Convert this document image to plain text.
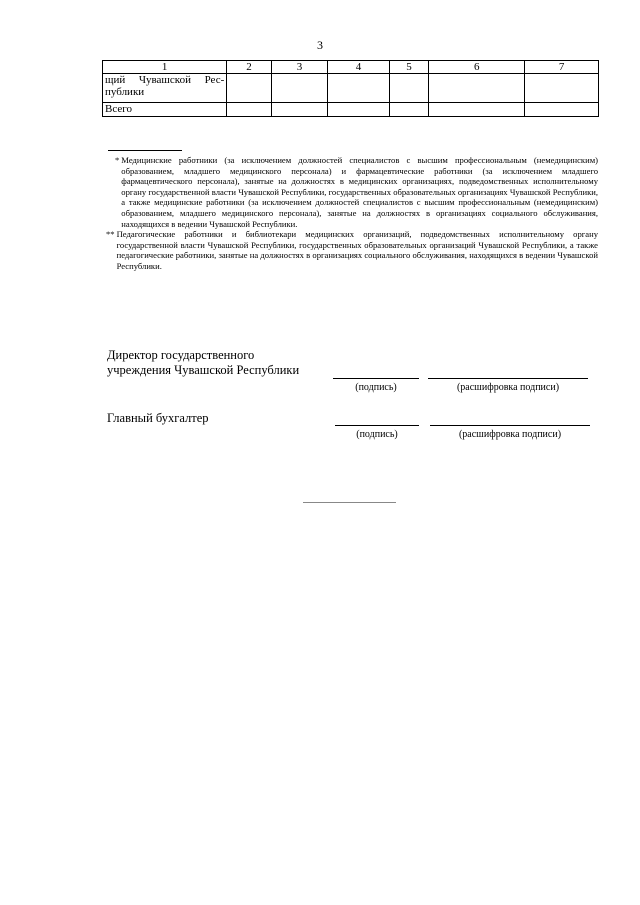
3
1	2	3	4	5	6	7

щий Чувашской Рес-
публики						

Всего						
* Медицинские работники (за исключением должностей специалистов с высшим профессиональным (немедицинским) образованием, младшего медицинского персонала) и фармацевтические работники (за исключением младшего фармацевтического персонала), занятые на должностях в медицинских организациях, подведомственных исполнительному органу государственной власти Чувашской Республики, государственных образовательных организациях Чувашской Республики, а также медицинские работники (за исключением должностей специалистов с высшим профессиональным (немедицинским) образованием, младшего медицинского персонала), занятые на должностях в организациях социального обслуживания, находящихся в ведении Чувашской Республики.
** Педагогические работники и библиотекари медицинских организаций, подведомственных исполнительному органу государственной власти Чувашской Республики, государственных образовательных организаций Чувашской Республики, а также педагогические работники, занятые на должностях в организациях социального обслуживания, находящихся в ведении Чувашской Республики.
Директор государственного
учреждения Чувашской Республики
(подпись)	(расшифровка подписи)
Главный бухгалтер
(подпись)	(расшифровка подписи)
